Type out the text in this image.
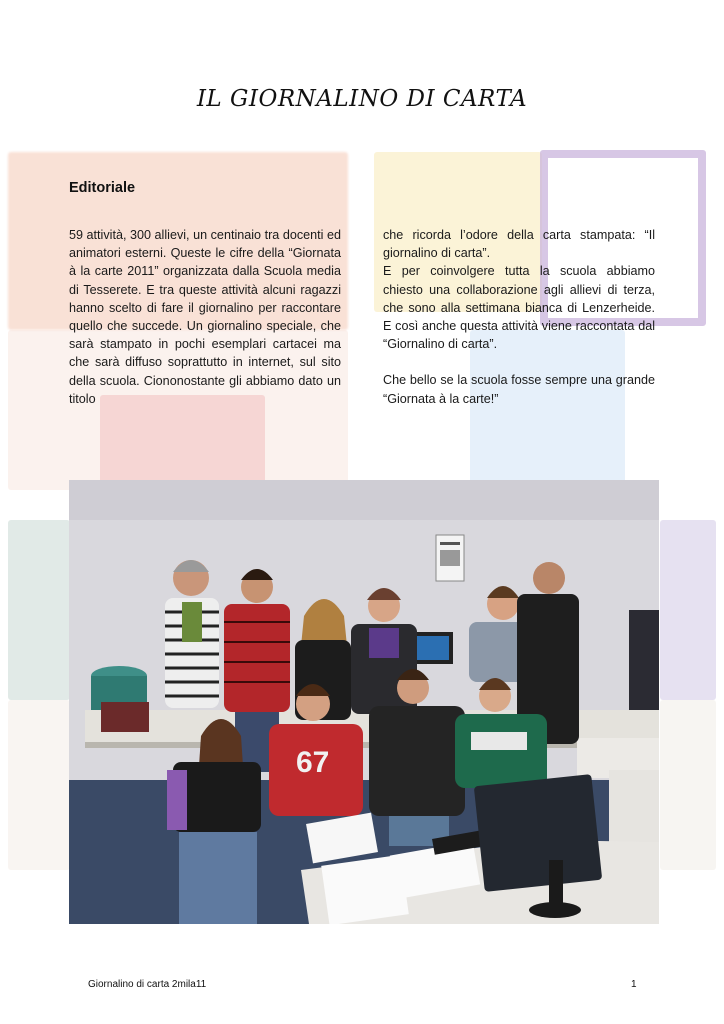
IL GIORNALINO DI CARTA
Editoriale

59 attività, 300 allievi, un centinaio tra docenti ed animatori esterni. Queste le cifre della “Giornata à la carte 2011” organizzata dalla Scuola media di Tesserete. E tra queste attività alcuni ragazzi hanno scelto di fare il giornalino per raccontare quello che succede. Un giornalino speciale, che sarà stampato in pochi esemplari cartacei ma che sarà diffuso soprattutto in internet, sul sito della scuola. Ciononostante gli abbiamo dato un titolo

che ricorda l’odore della carta stampata: “Il giornalino di carta”.

E per coinvolgere tutta la scuola abbiamo chiesto una collaborazione agli allievi di terza, che sono alla settimana bianca di Lenzerheide. E così anche questa attività viene raccontata dal “Giornalino di carta”.

Che bello se la scuola fosse sempre una grande “Giornata à la carte!”

67
Giornalino di carta 2mila11	1
